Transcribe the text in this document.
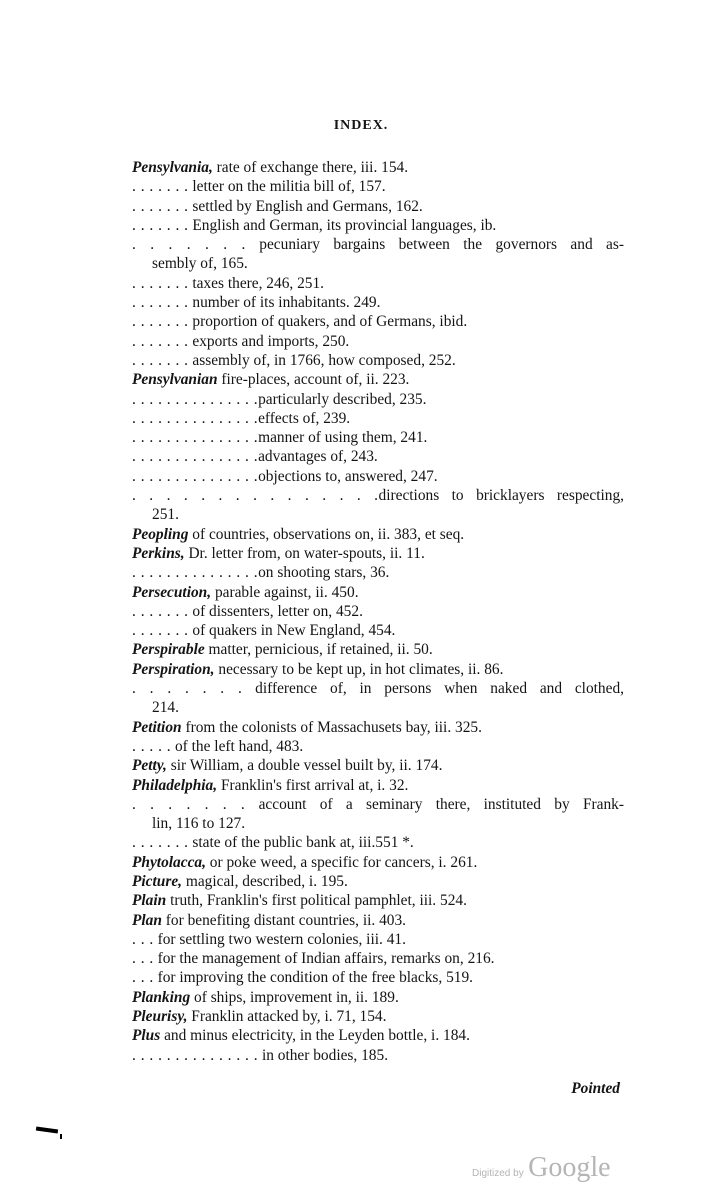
INDEX.
Pensylvania, rate of exchange there, iii. 154.
. . . . . . . letter on the militia bill of, 157.
. . . . . . . settled by English and Germans, 162.
. . . . . . . English and German, its provincial languages, ib.
. . . . . . . pecuniary bargains between the governors and as-
sembly of, 165.
. . . . . . . taxes there, 246, 251.
. . . . . . . number of its inhabitants. 249.
. . . . . . . proportion of quakers, and of Germans, ibid.
. . . . . . . exports and imports, 250.
. . . . . . . assembly of, in 1766, how composed, 252.
Pensylvanian fire-places, account of, ii. 223.
. . . . . . . . . . . . . . .particularly described, 235.
. . . . . . . . . . . . . . .effects of, 239.
. . . . . . . . . . . . . . .manner of using them, 241.
. . . . . . . . . . . . . . .advantages of, 243.
. . . . . . . . . . . . . . .objections to, answered, 247.
. . . . . . . . . . . . . . .directions to bricklayers respecting,
251.
Peopling of countries, observations on, ii. 383, et seq.
Perkins, Dr. letter from, on water-spouts, ii. 11.
. . . . . . . . . . . . . . .on shooting stars, 36.
Persecution, parable against, ii. 450.
. . . . . . . of dissenters, letter on, 452.
. . . . . . . of quakers in New England, 454.
Perspirable matter, pernicious, if retained, ii. 50.
Perspiration, necessary to be kept up, in hot climates, ii. 86.
. . . . . . . difference of, in persons when naked and clothed,
214.
Petition from the colonists of Massachusets bay, iii. 325.
. . . . . of the left hand, 483.
Petty, sir William, a double vessel built by, ii. 174.
Philadelphia, Franklin's first arrival at, i. 32.
. . . . . . . account of a seminary there, instituted by Frank-
lin, 116 to 127.
. . . . . . . state of the public bank at, iii.551 *.
Phytolacca, or poke weed, a specific for cancers, i. 261.
Picture, magical, described, i. 195.
Plain truth, Franklin's first political pamphlet, iii. 524.
Plan for benefiting distant countries, ii. 403.
. . . for settling two western colonies, iii. 41.
. . . for the management of Indian affairs, remarks on, 216.
. . . for improving the condition of the free blacks, 519.
Planking of ships, improvement in, ii. 189.
Pleurisy, Franklin attacked by, i. 71, 154.
Plus and minus electricity, in the Leyden bottle, i. 184.
. . . . . . . . . . . . . . . in other bodies, 185.
Pointed
Digitized by Google
